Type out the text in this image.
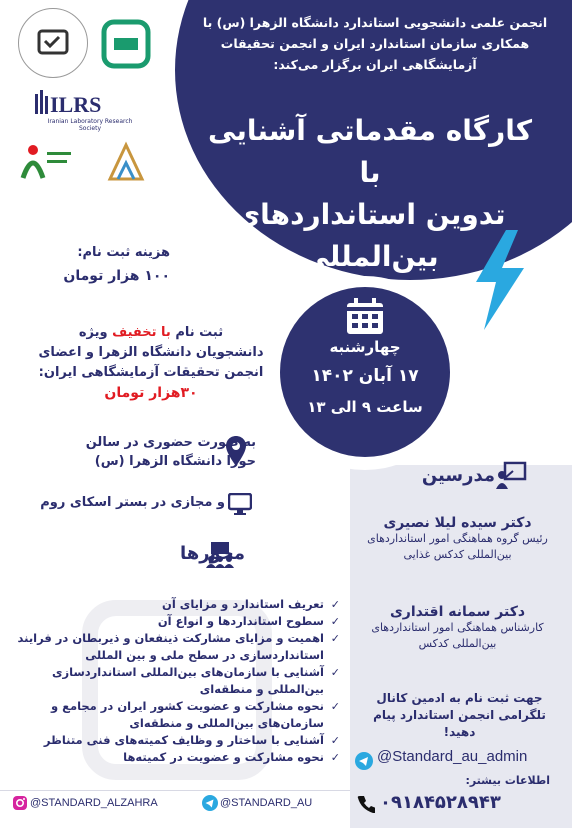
ILRS
Iranian Laboratory Research Society
انجمن علمی دانشجویی استاندارد دانشگاه الزهرا (س) با همکاری سازمان استاندارد ایران و انجمن تحقیقات آزمایشگاهی ایران برگزار می‌کند:
کارگاه مقدماتی آشنایی با
تدوین استانداردهای
بین‌المللی
هزینه ثبت نام:
۱۰۰ هزار تومان
ثبت نام با تخفیف ویژه
دانشجویان دانشگاه الزهرا و اعضای
انجمن تحقیقات آزمایشگاهی ایران:
۳۰هزار تومان
چهارشنبه
۱۷ آبان ۱۴۰۲
ساعت ۹ الی ۱۳
به صورت حضوری در سالن حورا دانشگاه الزهرا (س)
و مجازی در بستر اسکای روم
مدرسین
دکتر سیده لیلا نصیری
رئیس گروه هماهنگی امور استانداردهای بین‌المللی کدکس غذایی
دکتر سمانه اقتداری
کارشناس هماهنگی امور استانداردهای بین‌المللی کدکس
محورها
✓ تعریف استاندارد و مزایای آن
✓ سطوح استانداردها و انواع آن
✓ اهمیت و مزایای مشارکت ذینفعان و ذیربطان در فرایند استانداردسازی در سطح ملی و بین المللی
✓ آشنایی با سازمان‌های بین‌المللی استانداردسازی بین‌المللی و منطقه‌ای
✓ نحوه مشارکت و عضویت کشور ایران در مجامع و سازمان‌های بین‌المللی و منطقه‌ای
✓ آشنایی با ساختار و وظایف کمیته‌های فنی متناظر
✓ نحوه مشارکت و عضویت در کمیته‌ها
جهت ثبت نام به ادمین کانال تلگرامی انجمن استاندارد پیام دهید!
@Standard_au_admin
اطلاعات بیشتر:
۰۹۱۸۴۵۲۸۹۴۳
@STANDARD_ALZAHRA	@STANDARD_AU
